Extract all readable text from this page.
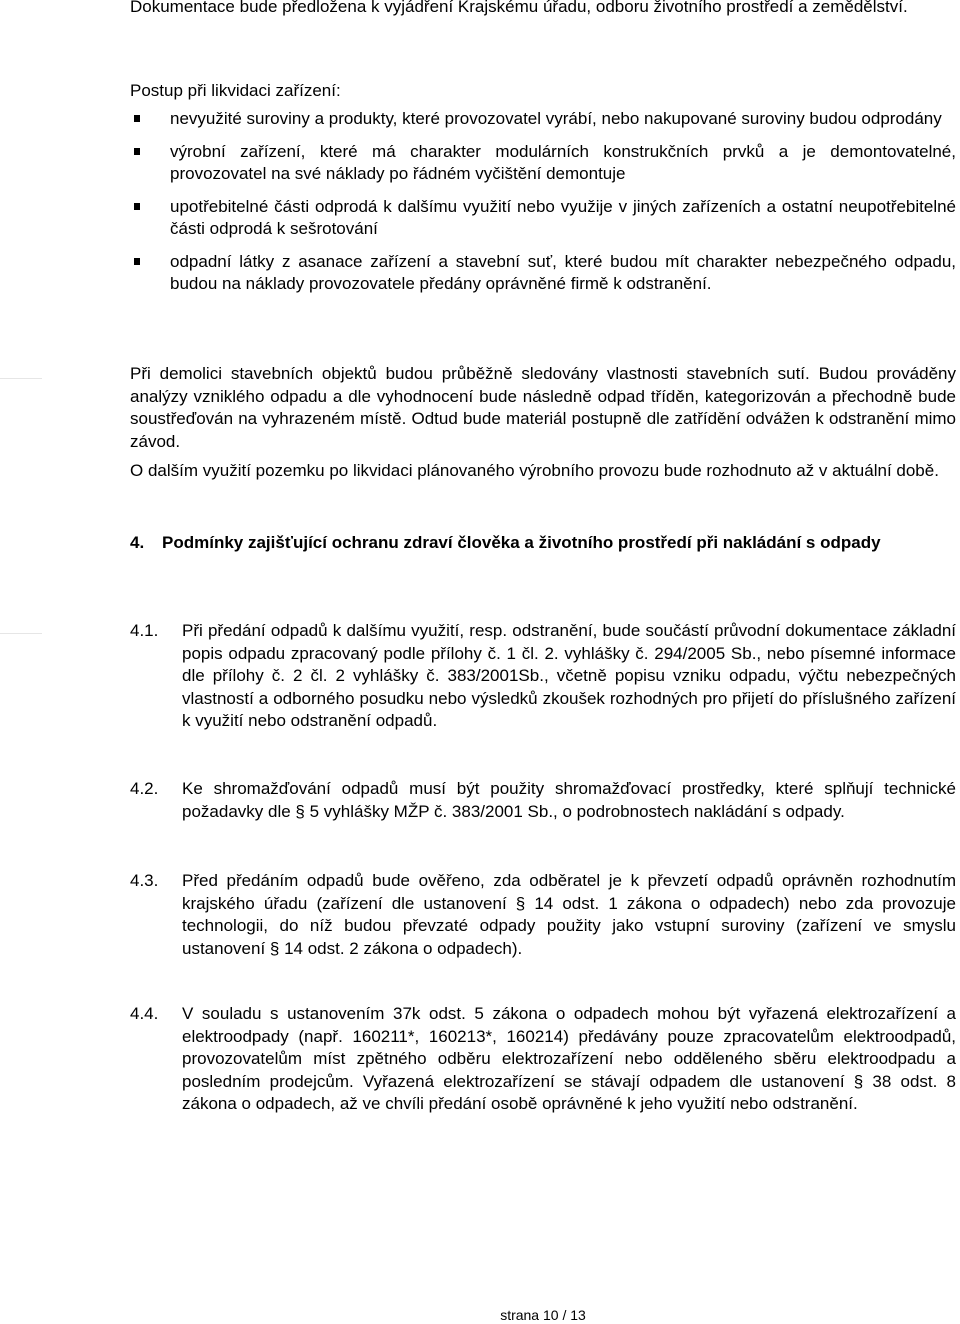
Dokumentace bude předložena k vyjádření Krajskému úřadu, odboru životního prostředí a zemědělství.

Postup při likvidaci zařízení:

nevyužité suroviny a produkty, které provozovatel vyrábí, nebo nakupované suroviny budou odprodány
výrobní zařízení, které má charakter modulárních konstrukčních prvků a je demontovatelné, provozovatel na své náklady po řádném vyčištění demontuje
upotřebitelné části odprodá k dalšímu využití nebo využije v jiných zařízeních a ostatní neupotřebitelné části odprodá k sešrotování
odpadní látky z asanace zařízení a stavební suť, které budou mít charakter nebezpečného odpadu, budou na náklady provozovatele předány oprávněné firmě k odstranění.

Při demolici stavebních objektů budou průběžně sledovány vlastnosti stavebních sutí. Budou prováděny analýzy vzniklého odpadu a dle vyhodnocení bude následně odpad tříděn, kategorizován a přechodně bude soustřeďován na vyhrazeném místě. Odtud bude materiál postupně dle zatřídění odvážen k odstranění mimo závod.

O dalším využití pozemku po likvidaci plánovaného výrobního provozu bude rozhodnuto až v aktuální době.

4.	Podmínky zajišťující ochranu zdraví člověka a životního prostředí při nakládání s odpady
4.1.	Při předání odpadů k dalšímu využití, resp. odstranění, bude součástí průvodní dokumentace základní popis odpadu zpracovaný podle přílohy č. 1 čl. 2. vyhlášky č. 294/2005 Sb., nebo písemné informace dle přílohy č. 2 čl. 2 vyhlášky č. 383/2001Sb., včetně popisu vzniku odpadu, výčtu nebezpečných vlastností a odborného posudku nebo výsledků zkoušek rozhodných pro přijetí do příslušného zařízení k využití nebo odstranění odpadů.
4.2.	Ke shromažďování odpadů musí být použity shromažďovací prostředky, které splňují technické požadavky dle § 5 vyhlášky MŽP č. 383/2001 Sb., o podrobnostech nakládání s odpady.
4.3.	Před předáním odpadů bude ověřeno, zda odběratel je k převzetí odpadů oprávněn rozhodnutím krajského úřadu (zařízení dle ustanovení § 14 odst. 1 zákona o odpadech) nebo zda provozuje technologii, do níž budou převzaté odpady použity jako vstupní suroviny (zařízení ve smyslu ustanovení § 14 odst. 2 zákona o odpadech).
4.4.	V souladu s ustanovením 37k odst. 5 zákona o odpadech mohou být vyřazená elektrozařízení a elektroodpady (např. 160211*, 160213*, 160214) předávány pouze zpracovatelům elektroodpadů, provozovatelům míst zpětného odběru elektrozařízení nebo odděleného sběru elektroodpadu a posledním prodejcům. Vyřazená elektrozařízení se stávají odpadem dle ustanovení § 38 odst. 8 zákona o odpadech, až ve chvíli předání osobě oprávněné k jeho využití nebo odstranění.
strana 10 / 13
